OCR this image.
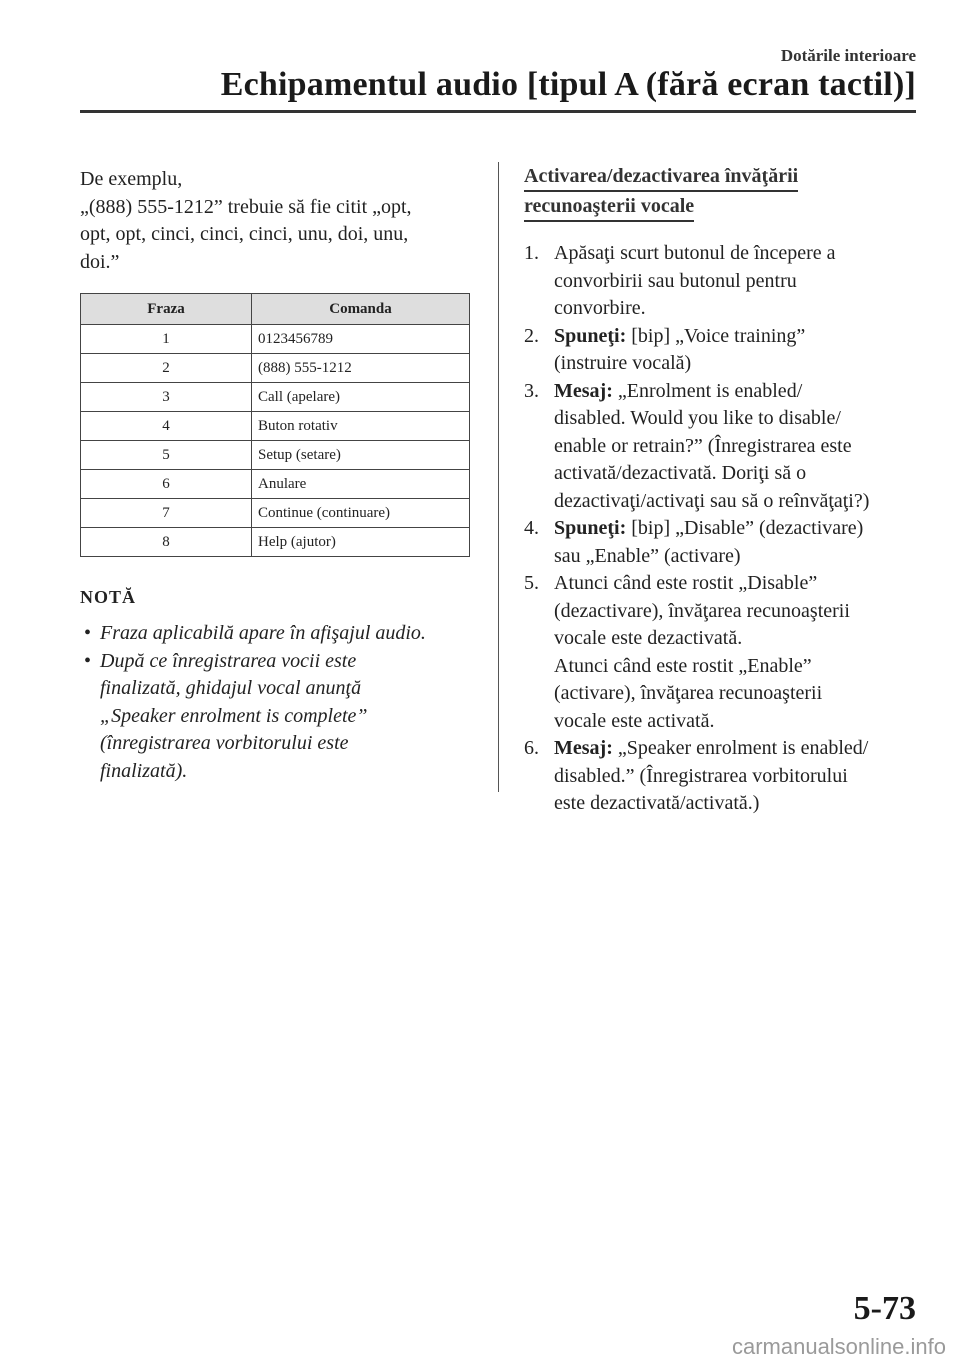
Dotările interioare
Echipamentul audio [tipul A (fără ecran tactil)]
De exemplu,
„(888) 555-1212” trebuie să fie citit „opt,
opt, opt, cinci, cinci, cinci, unu, doi, unu,
doi.”
Fraza	Comanda
1	0123456789
2	(888) 555-1212
3	Call (apelare)
4	Buton rotativ
5	Setup (setare)
6	Anulare
7	Continue (continuare)
8	Help (ajutor)
NOTĂ
• Fraza aplicabilă apare în afişajul audio.
• După ce înregistrarea vocii este
finalizată, ghidajul vocal anunţă
„Speaker enrolment is complete”
(înregistrarea vorbitorului este
finalizată).
Activarea/dezactivarea învăţării
recunoaşterii vocale
1. Apăsaţi scurt butonul de începere a
convorbirii sau butonul pentru
convorbire.
2. Spuneţi: [bip] „Voice training”
(instruire vocală)
3. Mesaj: „Enrolment is enabled/
disabled. Would you like to disable/
enable or retrain?” (Înregistrarea este
activată/dezactivată. Doriţi să o
dezactivaţi/activaţi sau să o reînvăţaţi?)
4. Spuneţi: [bip] „Disable” (dezactivare)
sau „Enable” (activare)
5. Atunci când este rostit „Disable”
(dezactivare), învăţarea recunoaşterii
vocale este dezactivată.
Atunci când este rostit „Enable”
(activare), învăţarea recunoaşterii
vocale este activată.
6. Mesaj: „Speaker enrolment is enabled/
disabled.” (Înregistrarea vorbitorului
este dezactivată/activată.)
5-73
carmanualsonline.info
